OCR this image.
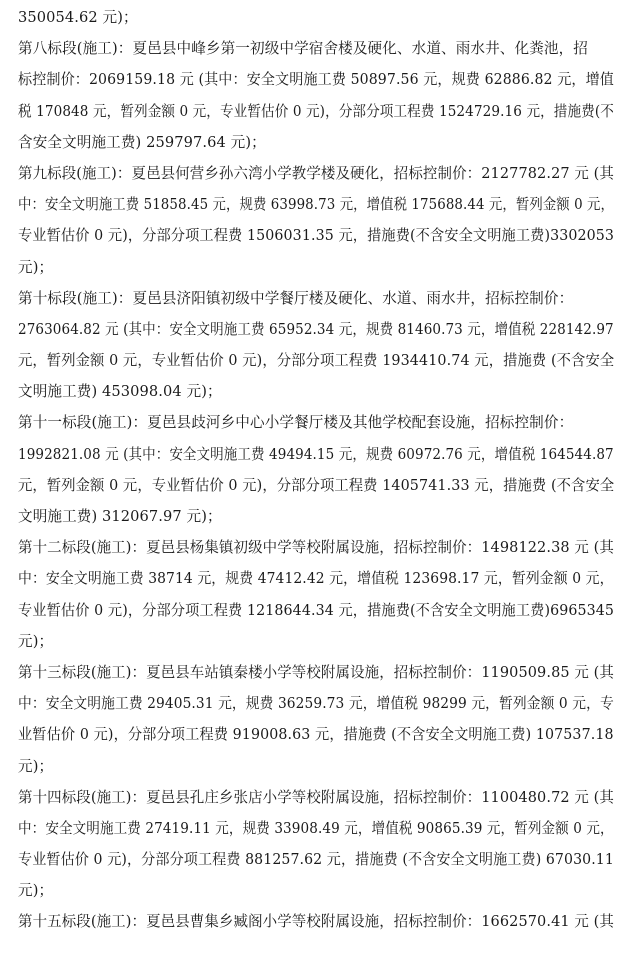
350054.62 元)；
第八标段(施工)：夏邑县中峰乡第一初级中学宿舍楼及硬化、水道、雨水井、化粪池，招
标控制价：2069159.18 元 (其中：安全文明施工费 50897.56 元，规费 62886.82 元，增值
税 170848 元，暂列金额 0 元，专业暂估价 0 元)，分部分项工程费 1524729.16 元，措施费(不
含安全文明施工费) 259797.64 元)；
第九标段(施工)：夏邑县何营乡孙六湾小学教学楼及硬化，招标控制价：2127782.27 元 (其
中：安全文明施工费 51858.45 元，规费 63998.73 元，增值税 175688.44 元，暂列金额 0 元，
专业暂估价 0 元)，分部分项工程费 1506031.35 元，措施费(不含安全文明施工费)3302053
元)；
第十标段(施工)：夏邑县济阳镇初级中学餐厅楼及硬化、水道、雨水井，招标控制价：
2763064.82 元 (其中：安全文明施工费 65952.34 元，规费 81460.73 元，增值税 228142.97
元，暂列金额 0 元，专业暂估价 0 元)，分部分项工程费 1934410.74 元，措施费 (不含安全
文明施工费) 453098.04 元)；
第十一标段(施工)：夏邑县歧河乡中心小学餐厅楼及其他学校配套设施，招标控制价：
1992821.08 元 (其中：安全文明施工费 49494.15 元，规费 60972.76 元，增值税 164544.87
元，暂列金额 0 元，专业暂估价 0 元)，分部分项工程费 1405741.33 元，措施费 (不含安全
文明施工费) 312067.97 元)；
第十二标段(施工)：夏邑县杨集镇初级中学等校附属设施，招标控制价：1498122.38 元 (其
中：安全文明施工费 38714 元，规费 47412.42 元，增值税 123698.17 元，暂列金额 0 元，
专业暂估价 0 元)，分部分项工程费 1218644.34 元，措施费(不含安全文明施工费)6965345
元)；
第十三标段(施工)：夏邑县车站镇秦楼小学等校附属设施，招标控制价：1190509.85 元 (其
中：安全文明施工费 29405.31 元，规费 36259.73 元，增值税 98299 元，暂列金额 0 元，专
业暂估价 0 元)，分部分项工程费 919008.63 元，措施费 (不含安全文明施工费) 107537.18
元)；
第十四标段(施工)：夏邑县孔庄乡张店小学等校附属设施，招标控制价：1100480.72 元 (其
中：安全文明施工费 27419.11 元，规费 33908.49 元，增值税 90865.39 元，暂列金额 0 元，
专业暂估价 0 元)，分部分项工程费 881257.62 元，措施费 (不含安全文明施工费) 67030.11
元)；
第十五标段(施工)：夏邑县曹集乡臧阁小学等校附属设施，招标控制价：1662570.41 元 (其
